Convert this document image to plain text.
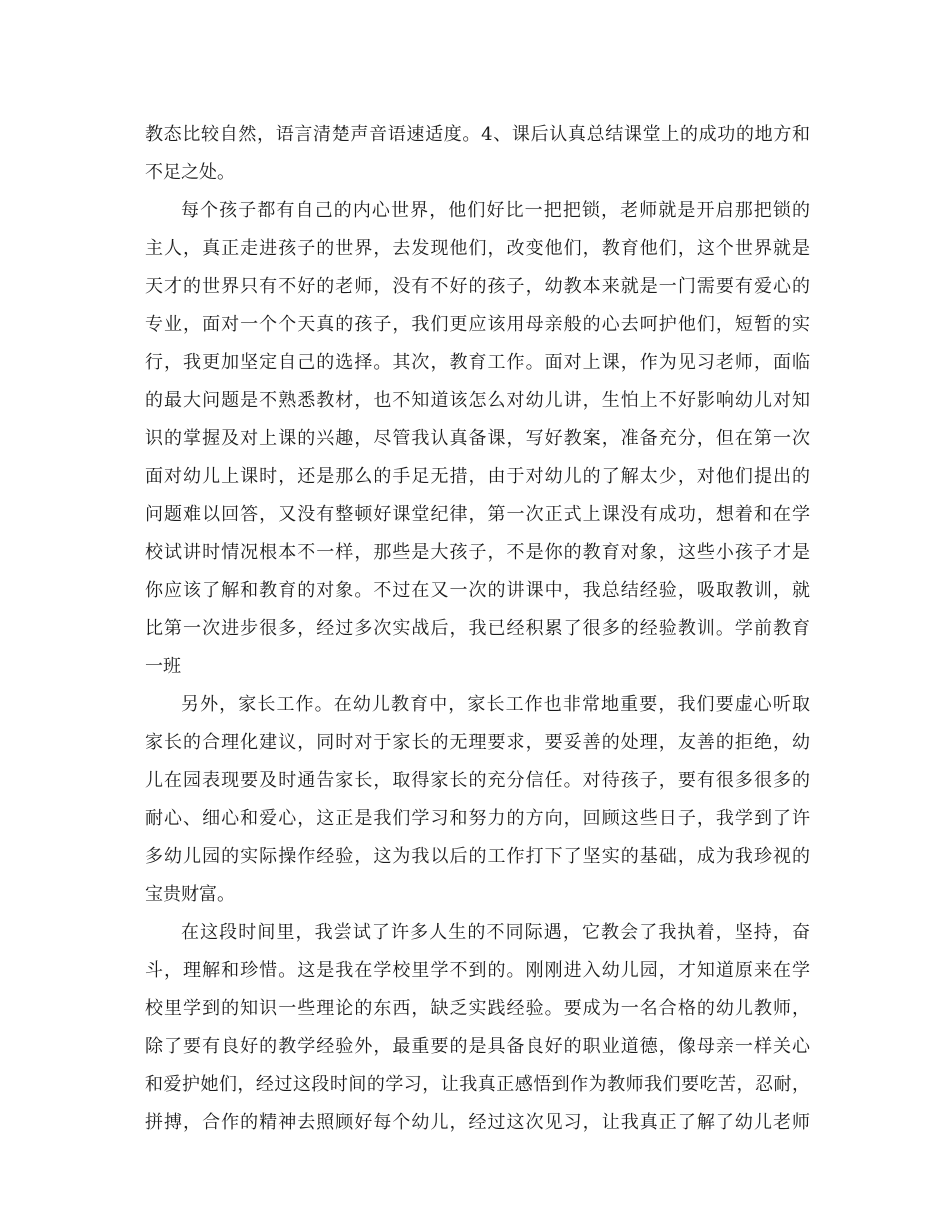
教态比较自然，语言清楚声音语速适度。4、课后认真总结课堂上的成功的地方和
不足之处。
每个孩子都有自己的内心世界，他们好比一把把锁，老师就是开启那把锁的
主人，真正走进孩子的世界，去发现他们，改变他们，教育他们，这个世界就是
天才的世界只有不好的老师，没有不好的孩子，幼教本来就是一门需要有爱心的
专业，面对一个个天真的孩子，我们更应该用母亲般的心去呵护他们，短暂的实
行，我更加坚定自己的选择。其次，教育工作。面对上课，作为见习老师，面临
的最大问题是不熟悉教材，也不知道该怎么对幼儿讲，生怕上不好影响幼儿对知
识的掌握及对上课的兴趣，尽管我认真备课，写好教案，准备充分，但在第一次
面对幼儿上课时，还是那么的手足无措，由于对幼儿的了解太少，对他们提出的
问题难以回答，又没有整顿好课堂纪律，第一次正式上课没有成功，想着和在学
校试讲时情况根本不一样，那些是大孩子，不是你的教育对象，这些小孩子才是
你应该了解和教育的对象。不过在又一次的讲课中，我总结经验，吸取教训，就
比第一次进步很多，经过多次实战后，我已经积累了很多的经验教训。学前教育
一班
另外，家长工作。在幼儿教育中，家长工作也非常地重要，我们要虚心听取
家长的合理化建议，同时对于家长的无理要求，要妥善的处理，友善的拒绝，幼
儿在园表现要及时通告家长，取得家长的充分信任。对待孩子，要有很多很多的
耐心、细心和爱心，这正是我们学习和努力的方向，回顾这些日子，我学到了许
多幼儿园的实际操作经验，这为我以后的工作打下了坚实的基础，成为我珍视的
宝贵财富。
在这段时间里，我尝试了许多人生的不同际遇，它教会了我执着，坚持，奋
斗，理解和珍惜。这是我在学校里学不到的。刚刚进入幼儿园，才知道原来在学
校里学到的知识一些理论的东西，缺乏实践经验。要成为一名合格的幼儿教师，
除了要有良好的教学经验外，最重要的是具备良好的职业道德，像母亲一样关心
和爱护她们，经过这段时间的学习，让我真正感悟到作为教师我们要吃苦，忍耐，
拼搏，合作的精神去照顾好每个幼儿，经过这次见习，让我真正了解了幼儿老师
